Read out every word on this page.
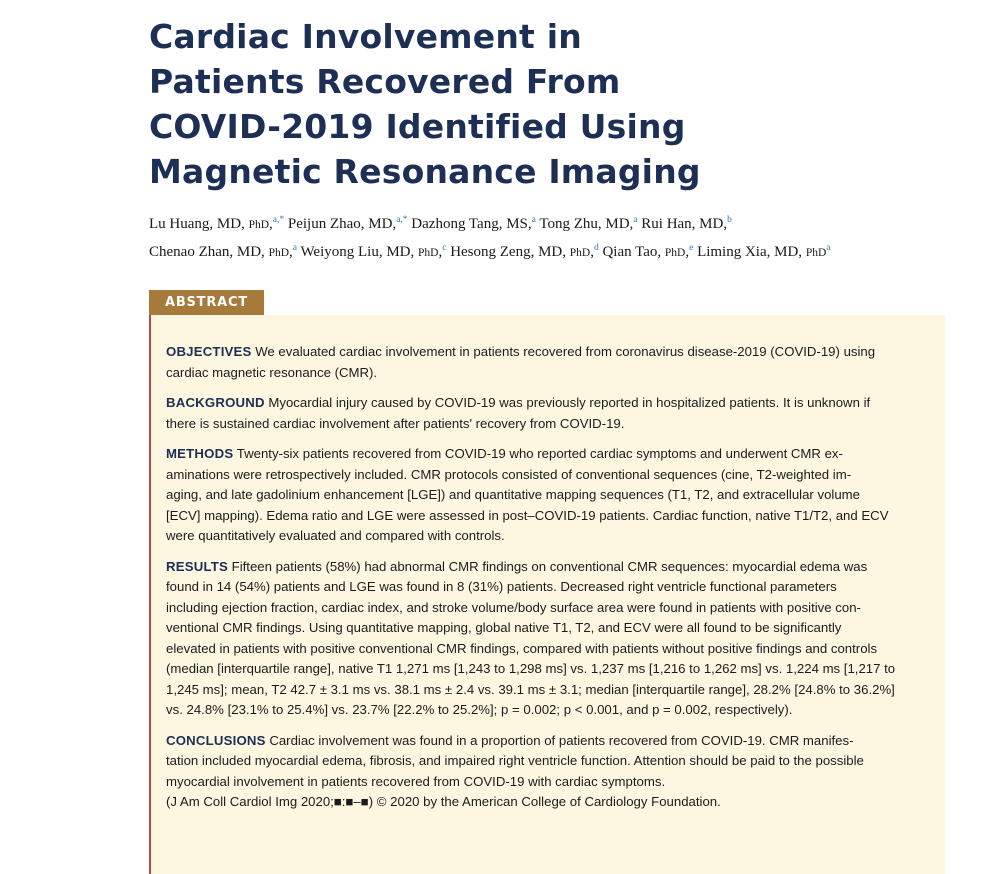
Cardiac Involvement in
Patients Recovered From
COVID-2019 Identified Using
Magnetic Resonance Imaging
Lu Huang, MD, PhD,$^{a,*}$ Peijun Zhao, MD,$^{a,*}$ Dazhong Tang, MS,$^a$ Tong Zhu, MD,$^a$ Rui Han, MD,$^b$
Chenao Zhan, MD, PhD,$^a$ Weiyong Liu, MD, PhD,$^c$ Hesong Zeng, MD, PhD,$^d$ Qian Tao, PhD,$^e$ Liming Xia, MD, PhD$^a$
ABSTRACT
OBJECTIVES We evaluated cardiac involvement in patients recovered from coronavirus disease-2019 (COVID-19) using
cardiac magnetic resonance (CMR).
BACKGROUND Myocardial injury caused by COVID-19 was previously reported in hospitalized patients. It is unknown if
there is sustained cardiac involvement after patients' recovery from COVID-19.
METHODS Twenty-six patients recovered from COVID-19 who reported cardiac symptoms and underwent CMR ex-
aminations were retrospectively included. CMR protocols consisted of conventional sequences (cine, T2-weighted im-
aging, and late gadolinium enhancement [LGE]) and quantitative mapping sequences (T1, T2, and extracellular volume
[ECV] mapping). Edema ratio and LGE were assessed in post–COVID-19 patients. Cardiac function, native T1/T2, and ECV
were quantitatively evaluated and compared with controls.
RESULTS Fifteen patients (58%) had abnormal CMR findings on conventional CMR sequences: myocardial edema was
found in 14 (54%) patients and LGE was found in 8 (31%) patients. Decreased right ventricle functional parameters
including ejection fraction, cardiac index, and stroke volume/body surface area were found in patients with positive con-
ventional CMR findings. Using quantitative mapping, global native T1, T2, and ECV were all found to be significantly
elevated in patients with positive conventional CMR findings, compared with patients without positive findings and controls
(median [interquartile range], native T1 1,271 ms [1,243 to 1,298 ms] vs. 1,237 ms [1,216 to 1,262 ms] vs. 1,224 ms [1,217 to
1,245 ms]; mean, T2 42.7 ± 3.1 ms vs. 38.1 ms ± 2.4 vs. 39.1 ms ± 3.1; median [interquartile range], 28.2% [24.8% to 36.2%]
vs. 24.8% [23.1% to 25.4%] vs. 23.7% [22.2% to 25.2%]; p = 0.002; p < 0.001, and p = 0.002, respectively).
CONCLUSIONS Cardiac involvement was found in a proportion of patients recovered from COVID-19. CMR manifes-
tation included myocardial edema, fibrosis, and impaired right ventricle function. Attention should be paid to the possible
myocardial involvement in patients recovered from COVID-19 with cardiac symptoms.
(J Am Coll Cardiol Img 2020;■:■–■) © 2020 by the American College of Cardiology Foundation.
